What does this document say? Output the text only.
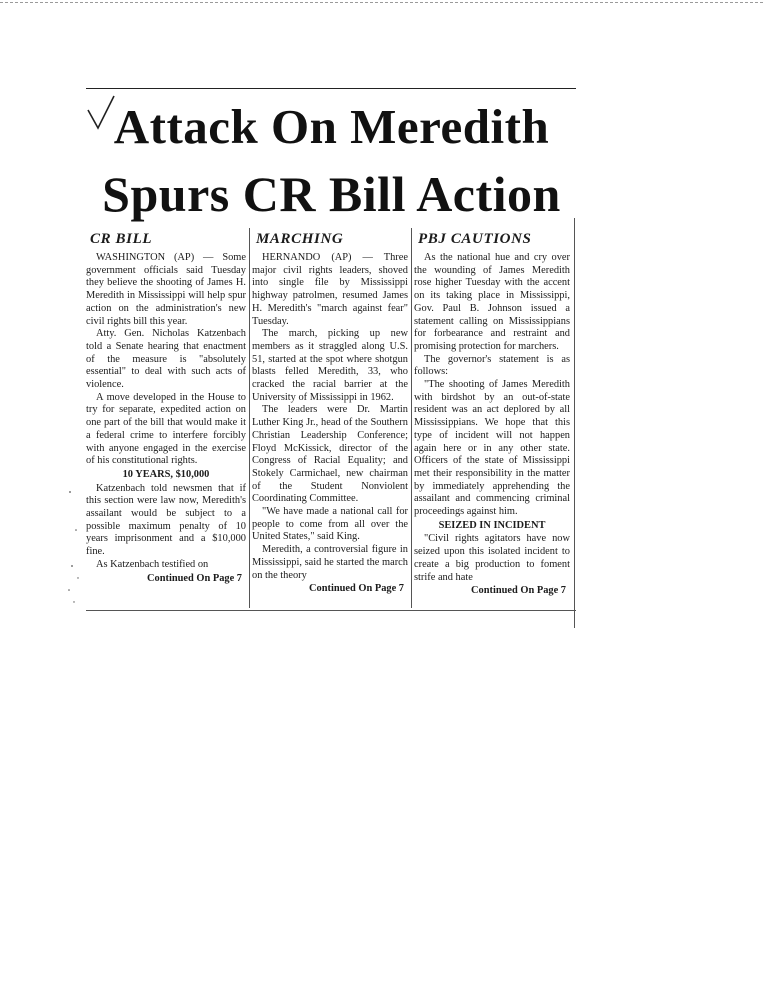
Attack On Meredith
Spurs CR Bill Action
CR BILL

WASHINGTON (AP) — Some government officials said Tuesday they believe the shooting of James H. Meredith in Mississippi will help spur action on the administration's new civil rights bill this year.

Atty. Gen. Nicholas Katzenbach told a Senate hearing that enactment of the measure is "absolutely essential" to deal with such acts of violence.

A move developed in the House to try for separate, expedited action on one part of the bill that would make it a federal crime to interfere forcibly with anyone engaged in the exercise of his constitutional rights.

10 YEARS, $10,000

Katzenbach told newsmen that if this section were law now, Meredith's assailant would be subject to a possible maximum penalty of 10 years imprisonment and a $10,000 fine.

As Katzenbach testified on

Continued On Page 7
MARCHING

HERNANDO (AP) — Three major civil rights leaders, shoved into single file by Mississippi highway patrolmen, resumed James H. Meredith's "march against fear" Tuesday.

The march, picking up new members as it straggled along U.S. 51, started at the spot where shotgun blasts felled Meredith, 33, who cracked the racial barrier at the University of Mississippi in 1962.

The leaders were Dr. Martin Luther King Jr., head of the Southern Christian Leadership Conference; Floyd McKissick, director of the Congress of Racial Equality; and Stokely Carmichael, new chairman of the Student Nonviolent Coordinating Committee.

"We have made a national call for people to come from all over the United States," said King.

Meredith, a controversial figure in Mississippi, said he started the march on the theory

Continued On Page 7
PBJ CAUTIONS

As the national hue and cry over the wounding of James Meredith rose higher Tuesday with the accent on its taking place in Mississippi, Gov. Paul B. Johnson issued a statement calling on Mississippians for forbearance and restraint and promising protection for marchers.

The governor's statement is as follows:

"The shooting of James Meredith with birdshot by an out-of-state resident was an act deplored by all Mississippians. We hope that this type of incident will not happen again here or in any other state. Officers of the state of Mississippi met their responsibility in the matter by immediately apprehending the assailant and commencing criminal proceedings against him.

SEIZED IN INCIDENT

"Civil rights agitators have now seized upon this isolated incident to create a big production to foment strife and hate

Continued On Page 7
